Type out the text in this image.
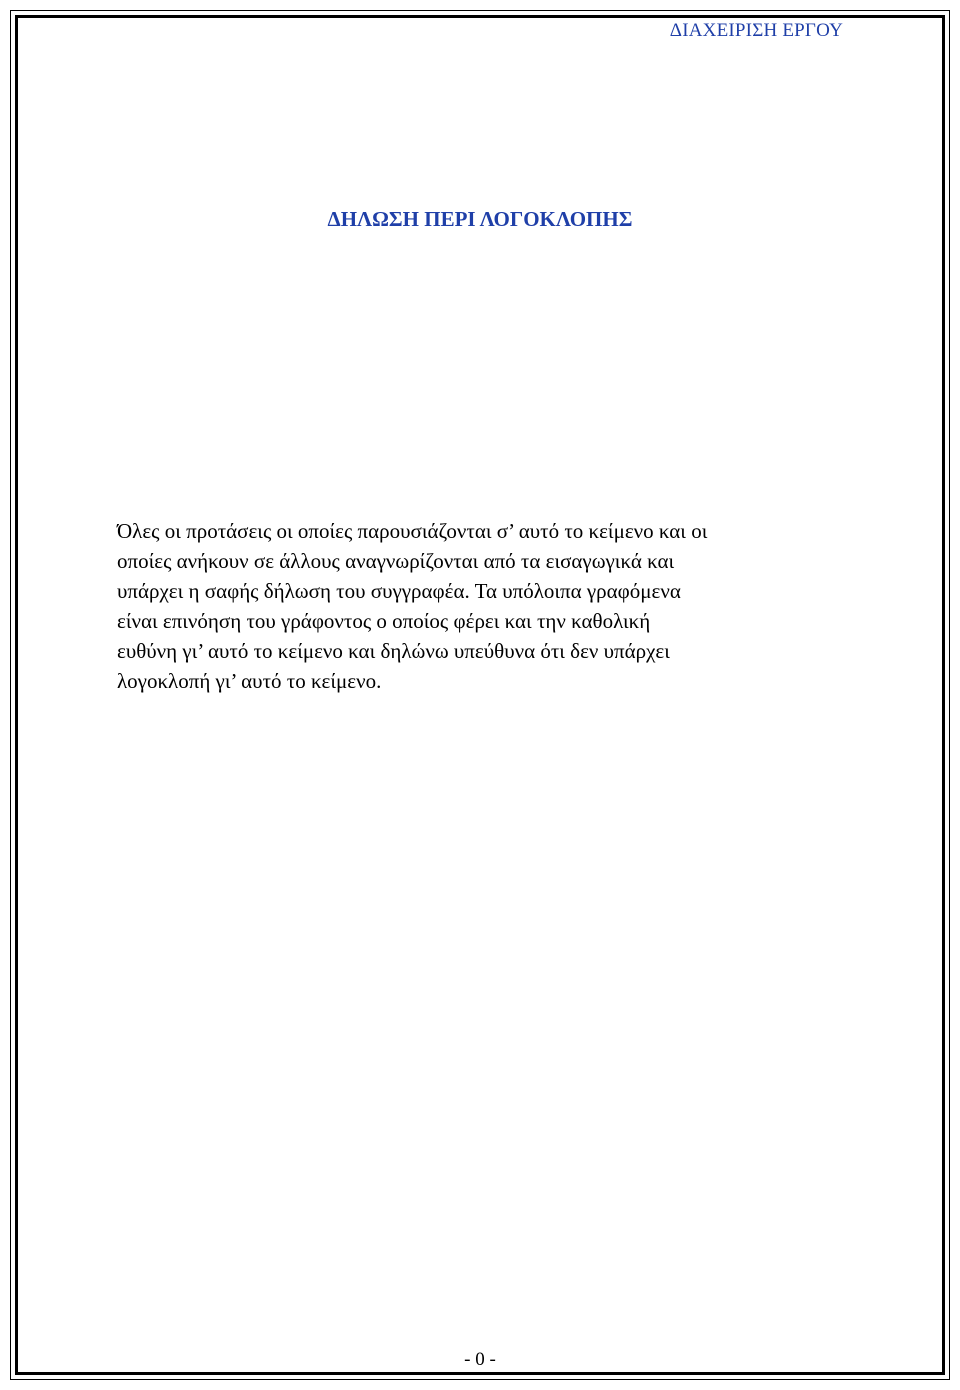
ΔΙΑΧΕΙΡΙΣΗ ΕΡΓΟΥ
ΔΗΛΩΣΗ ΠΕΡΙ ΛΟΓΟΚΛΟΠΗΣ

Όλες οι προτάσεις οι οποίες παρουσιάζονται σ’ αυτό το κείμενο και οι
οποίες ανήκουν σε άλλους αναγνωρίζονται από τα εισαγωγικά και
υπάρχει η σαφής δήλωση του συγγραφέα. Τα υπόλοιπα γραφόμενα
είναι επινόηση του γράφοντος ο οποίος φέρει και την καθολική
ευθύνη γι’ αυτό το κείμενο και δηλώνω υπεύθυνα ότι δεν υπάρχει
λογοκλοπή γι’ αυτό το κείμενο.

- 0 -
